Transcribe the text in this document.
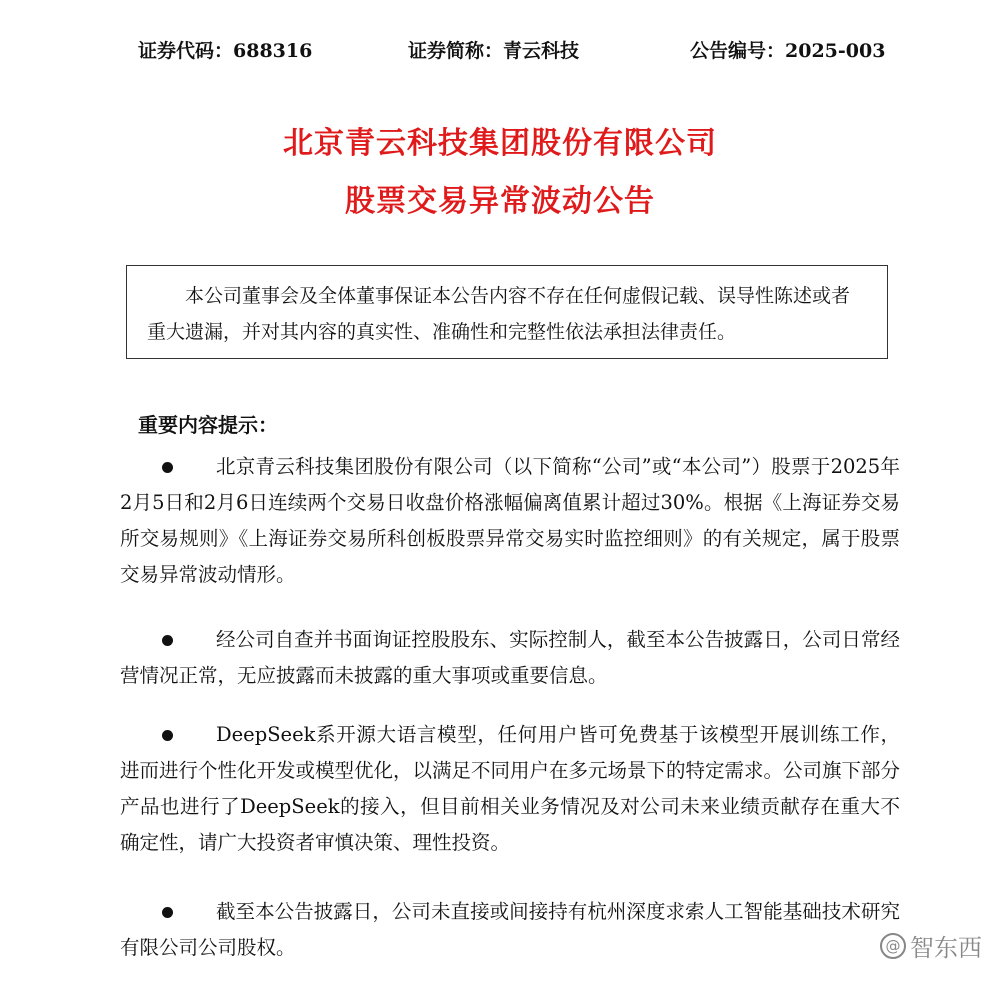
证券代码：688316	证券简称：青云科技	公告编号：2025-003
北京青云科技集团股份有限公司
股票交易异常波动公告

本公司董事会及全体董事保证本公告内容不存在任何虚假记载、误导性陈述或者重大遗漏，并对其内容的真实性、准确性和完整性依法承担法律责任。

重要内容提示：

北京青云科技集团股份有限公司（以下简称“公司”或“本公司”）股票于2025年2月5日和2月6日连续两个交易日收盘价格涨幅偏离值累计超过30%。根据《上海证券交易所交易规则》《上海证券交易所科创板股票异常交易实时监控细则》的有关规定，属于股票交易异常波动情形。

经公司自查并书面询证控股股东、实际控制人，截至本公告披露日，公司日常经营情况正常，无应披露而未披露的重大事项或重要信息。

DeepSeek系开源大语言模型，任何用户皆可免费基于该模型开展训练工作，进而进行个性化开发或模型优化，以满足不同用户在多元场景下的特定需求。公司旗下部分产品也进行了DeepSeek的接入，但目前相关业务情况及对公司未来业绩贡献存在重大不确定性，请广大投资者审慎决策、理性投资。

截至本公告披露日，公司未直接或间接持有杭州深度求索人工智能基础技术研究有限公司公司股权。	@ 智东西
